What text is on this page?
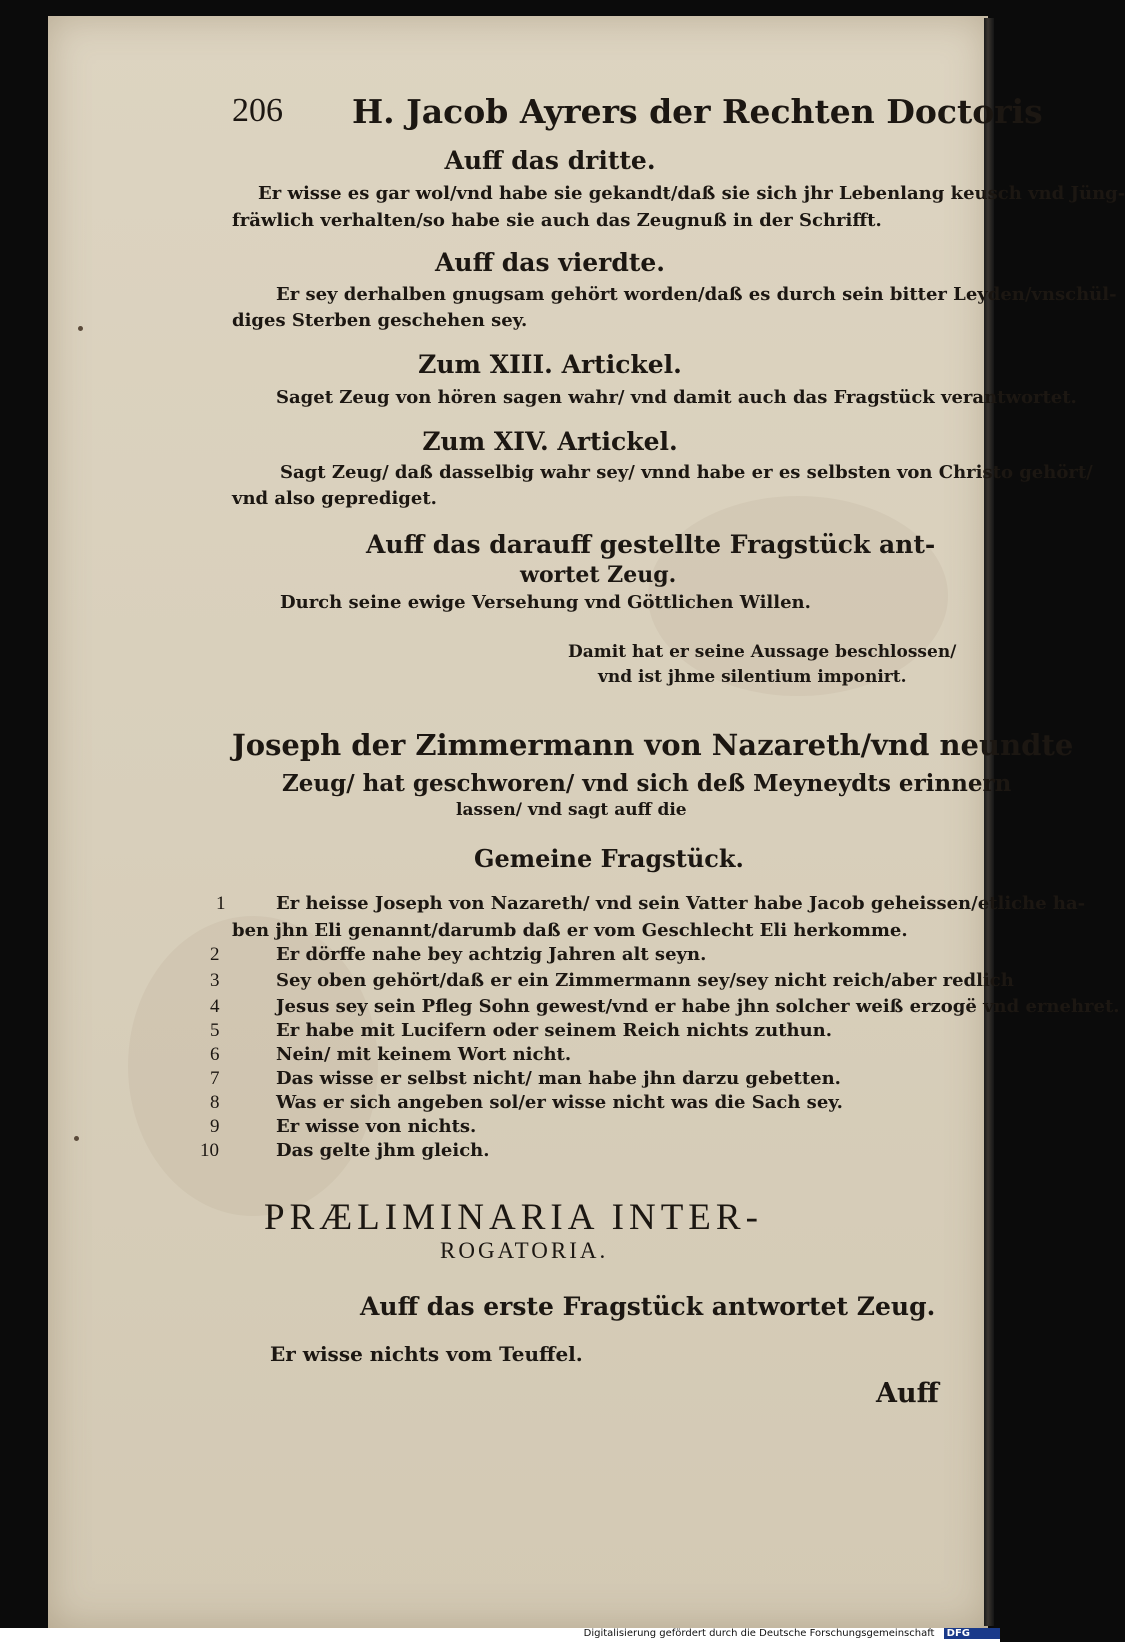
206 H. Jacob Ayrers der Rechten Doctoris
Auff das dritte.
Er wisse es gar wol/vnd habe sie gekandt/daß sie sich jhr Lebenlang keusch vnd Jüng-
fräwlich verhalten/so habe sie auch das Zeugnuß in der Schrifft.
Auff das vierdte.
Er sey derhalben gnugsam gehört worden/daß es durch sein bitter Leyden/vnschül-
diges Sterben geschehen sey.
Zum XIII. Artickel.
Saget Zeug von hören sagen wahr/ vnd damit auch das Fragstück verantwortet.
Zum XIV. Artickel.
Sagt Zeug/ daß dasselbig wahr sey/ vnnd habe er es selbsten von Christo gehört/
vnd also geprediget.
Auff das darauff gestellte Fragstück ant-
wortet Zeug.
Durch seine ewige Versehung vnd Göttlichen Willen.
Damit hat er seine Aussage beschlossen/
vnd ist jhme silentium imponirt.
Joseph der Zimmermann von Nazareth/vnd neundte
Zeug/ hat geschworen/ vnd sich deß Meyneydts erinnern
lassen/ vnd sagt auff die
Gemeine Fragstück.
1	Er heisse Joseph von Nazareth/ vnd sein Vatter habe Jacob geheissen/etliche ha-
ben jhn Eli genannt/darumb daß er vom Geschlecht Eli herkomme.
2	Er dörffe nahe bey achtzig Jahren alt seyn.
3	Sey oben gehört/daß er ein Zimmermann sey/sey nicht reich/aber redlich
4	Jesus sey sein Pfleg Sohn gewest/vnd er habe jhn solcher weiß erzogë vnd ernehret.
5	Er habe mit Lucifern oder seinem Reich nichts zuthun.
6	Nein/ mit keinem Wort nicht.
7	Das wisse er selbst nicht/ man habe jhn darzu gebetten.
8	Was er sich angeben sol/er wisse nicht was die Sach sey.
9	Er wisse von nichts.
10	Das gelte jhm gleich.
PRÆLIMINARIA INTER-
ROGATORIA.
Auff das erste Fragstück antwortet Zeug.
Er wisse nichts vom Teuffel.
Auff
Digitalisierung gefördert durch die Deutsche Forschungsgemeinschaft DFG
